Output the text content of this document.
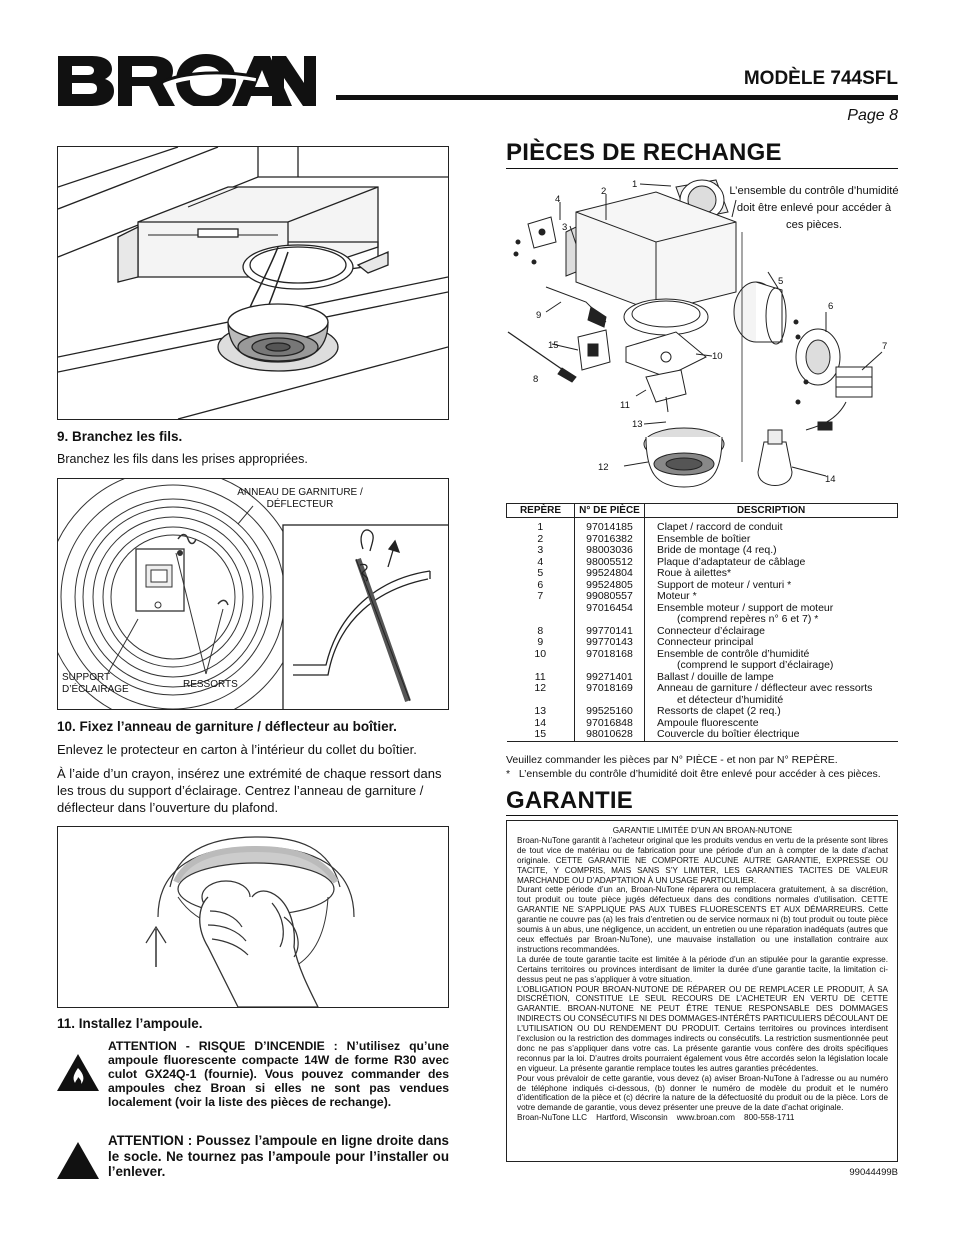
®
MODÈLE 744SFL
Page 8
9. Branchez les fils.
Branchez les fils dans les prises appropriées.
ANNEAU DE GARNITURE / DÉFLECTEUR
SUPPORT D’ÉCLAIRAGE	RESSORTS
10. Fixez l’anneau de garniture / déflecteur au boîtier.
Enlevez le protecteur en carton à l’intérieur du collet du boîtier.
À l’aide d’un crayon, insérez une extrémité de chaque ressort dans les trous du support d’éclairage. Centrez l’anneau de garniture / déflecteur dans l’ouverture du plafond.
11. Installez l’ampoule.
ATTENTION - RISQUE D’INCENDIE : N’utilisez qu’une ampoule fluorescente compacte 14W de forme R30 avec culot GX24Q-1 (fournie). Vous pouvez commander des ampoules chez Broan si elles ne sont pas vendues localement (voir la liste des pièces de rechange).
ATTENTION : Poussez l’ampoule en ligne droite dans le socle. Ne tournez pas l’ampoule pour l’installer ou l’enlever.
PIÈCES DE RECHANGE
1
2
3
4
5
6
7
8
9
10
11
12
13
14
15
L’ensemble du contrôle d’humidité doit être enlevé pour accéder à ces pièces.
REPÈRE	N° DE PIÈCE	DESCRIPTION
1	97014185	Clapet / raccord de conduit
2	97016382	Ensemble de boîtier
3	98003036	Bride de montage (4 req.)
4	98005512	Plaque d’adaptateur de câblage
5	99524804	Roue à ailettes*
6	99524805	Support de moteur / venturi *
7	99080557	Moteur *
	97016454	Ensemble moteur / support de moteur
(comprend repères n° 6 et 7) *

8	99770141	Connecteur d’éclairage
9	99770143	Connecteur principal
10	97018168	Ensemble de contrôle d’humidité
(comprend le support d’éclairage)

11	99271401	Ballast / douille de lampe
12	97018169	Anneau de garniture / déflecteur avec ressorts
et détecteur d’humidité

13	99525160	Ressorts de clapet (2 req.)
14	97016848	Ampoule fluorescente
15	98010628	Couvercle du boîtier électrique
Veuillez commander les pièces par N° PIÈCE - et non par N° REPÈRE.
*   L’ensemble du contrôle d’humidité doit être enlevé pour accéder à ces pièces.
GARANTIE

GARANTIE LIMITÉE D’UN AN BROAN-NUTONE

Broan-NuTone garantit à l’acheteur original que les produits vendus en vertu de la présente sont libres de tout vice de matériau ou de fabrication pour une période d’un an à compter de la date d’achat originale. CETTE GARANTIE NE COMPORTE AUCUNE AUTRE GARANTIE, EXPRESSE OU TACITE, Y COMPRIS, MAIS SANS S’Y LIMITER, LES GARANTIES TACITES DE VALEUR MARCHANDE OU D’ADAPTATION À UN USAGE PARTICULIER.

Durant cette période d’un an, Broan-NuTone réparera ou remplacera gratuitement, à sa discrétion, tout produit ou toute pièce jugés défectueux dans des conditions normales d’utilisation. CETTE GARANTIE NE S’APPLIQUE PAS AUX TUBES FLUORESCENTS ET AUX DÉMARREURS. Cette garantie ne couvre pas (a) les frais d’entretien ou de service normaux ni (b) tout produit ou toute pièce soumis à un abus, une négligence, un accident, un entretien ou une réparation inadéquats (autres que ceux effectués par Broan-NuTone), une mauvaise installation ou une installation contraire aux instructions recommandées.

La durée de toute garantie tacite est limitée à la période d’un an stipulée pour la garantie expresse. Certains territoires ou provinces interdisant de limiter la durée d’une garantie tacite, la limitation ci-dessus peut ne pas s’appliquer à votre situation.

L’OBLIGATION POUR BROAN-NUTONE DE RÉPARER OU DE REMPLACER LE PRODUIT, À SA DISCRÉTION, CONSTITUE LE SEUL RECOURS DE L’ACHETEUR EN VERTU DE CETTE GARANTIE. BROAN-NUTONE NE PEUT ÊTRE TENUE RESPONSABLE DES DOMMAGES INDIRECTS OU CONSÉCUTIFS NI DES DOMMAGES-INTÉRÊTS PARTICULIERS DÉCOULANT DE L’UTILISATION OU DU RENDEMENT DU PRODUIT. Certains territoires ou provinces interdisent l’exclusion ou la restriction des dommages indirects ou consécutifs. La restriction susmentionnée peut donc ne pas s’appliquer dans votre cas. La présente garantie vous confère des droits spécifiques reconnus par la loi. D’autres droits pourraient également vous être accordés selon la législation locale en vigueur. La présente garantie remplace toutes les autres garanties précédentes.

Pour vous prévaloir de cette garantie, vous devez (a) aviser Broan-NuTone à l’adresse ou au numéro de téléphone indiqués ci-dessous, (b) donner le numéro de modèle du produit et le numéro d’identification de la pièce et (c) décrire la nature de la défectuosité du produit ou de la pièce. Lors de votre demande de garantie, vous devez présenter une preuve de la date d’achat originale.

Broan-NuTone LLC    Hartford, Wisconsin    www.broan.com    800-558-1711

99044499B
